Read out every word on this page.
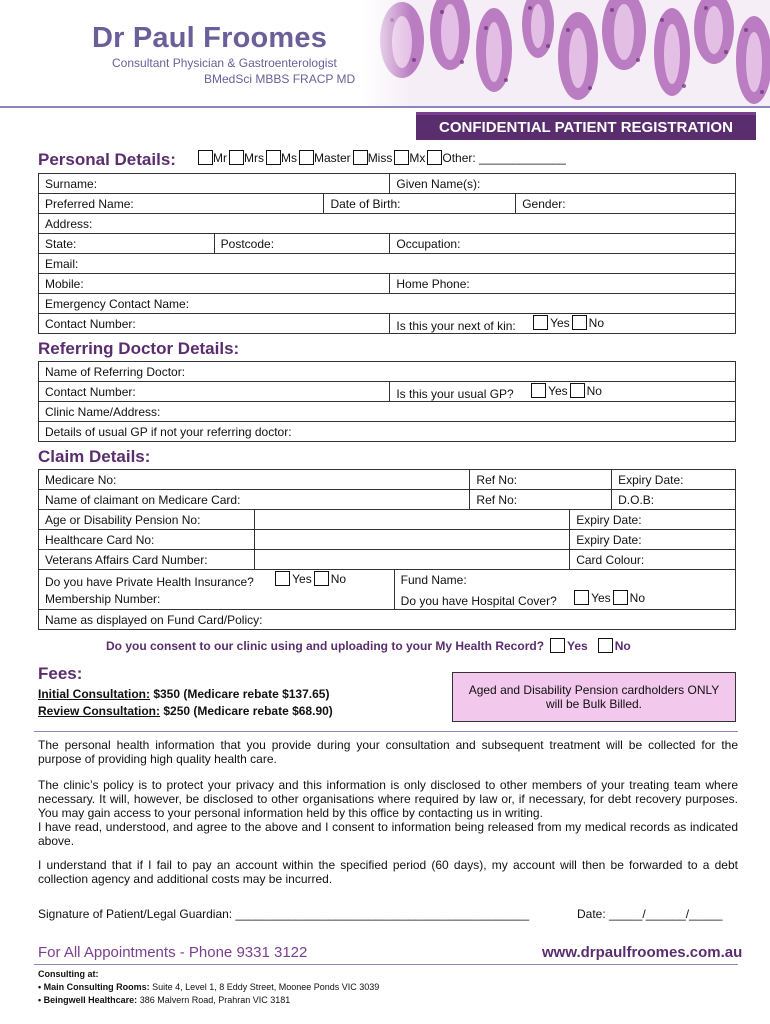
Dr Paul Froomes
Consultant Physician & Gastroenterologist
BMedSci MBBS FRACP MD
CONFIDENTIAL PATIENT REGISTRATION
Personal Details:	Mr Mrs Ms Master Miss Mx Other: _____________
Surname:			Given Name(s):	
Preferred Name:		Date of Birth:		Gender:
Address:				
State:	Postcode:		Occupation:	
Email:				
Mobile:			Home Phone:	
Emergency Contact Name:				
Contact Number:			Is this your next of kin: Yes No	
Referring Doctor Details:
Name of Referring Doctor:
Contact Number:	Is this your usual GP?	Yes No

Clinic Name/Address:
Details of usual GP if not your referring doctor:
Claim Details:
Medicare No:			Ref No:		Expiry Date:
Name of claimant on Medicare Card:			Ref No:		D.O.B:
Age or Disability Pension No:				Expiry Date:	
Healthcare Card No:				Expiry Date:	
Veterans Affairs Card Number:				Card Colour:	
Do you have Private Health Insurance? Yes No		Fund Name:			
Membership Number:		Do you have Hospital Cover? Yes No			

Name as displayed on Fund Card/Policy:					
Do you consent to our clinic using and uploading to your My Health Record? Yes No
Fees:
Initial Consultation: $350 (Medicare rebate $137.65)
Review Consultation: $250 (Medicare rebate $68.90)
Aged and Disability Pension cardholders ONLY will be Bulk Billed.
The personal health information that you provide during your consultation and subsequent treatment will be collected for the purpose of providing high quality health care.
The clinic’s policy is to protect your privacy and this information is only disclosed to other members of your treating team where necessary. It will, however, be disclosed to other organisations where required by law or, if necessary, for debt recovery purposes. You may gain access to your personal information held by this office by contacting us in writing.
I have read, understood, and agree to the above and I consent to information being released from my medical records as indicated above.
I understand that if I fail to pay an account within the specified period (60 days), my account will then be forwarded to a debt collection agency and additional costs may be incurred.
Signature of Patient/Legal Guardian: ____________________________________________	Date: _____/______/_____
For All Appointments - Phone 9331 3122	www.drpaulfroomes.com.au
Consulting at:
• Main Consulting Rooms: Suite 4, Level 1, 8 Eddy Street, Moonee Ponds VIC 3039
• Beingwell Healthcare: 386 Malvern Road, Prahran VIC 3181
